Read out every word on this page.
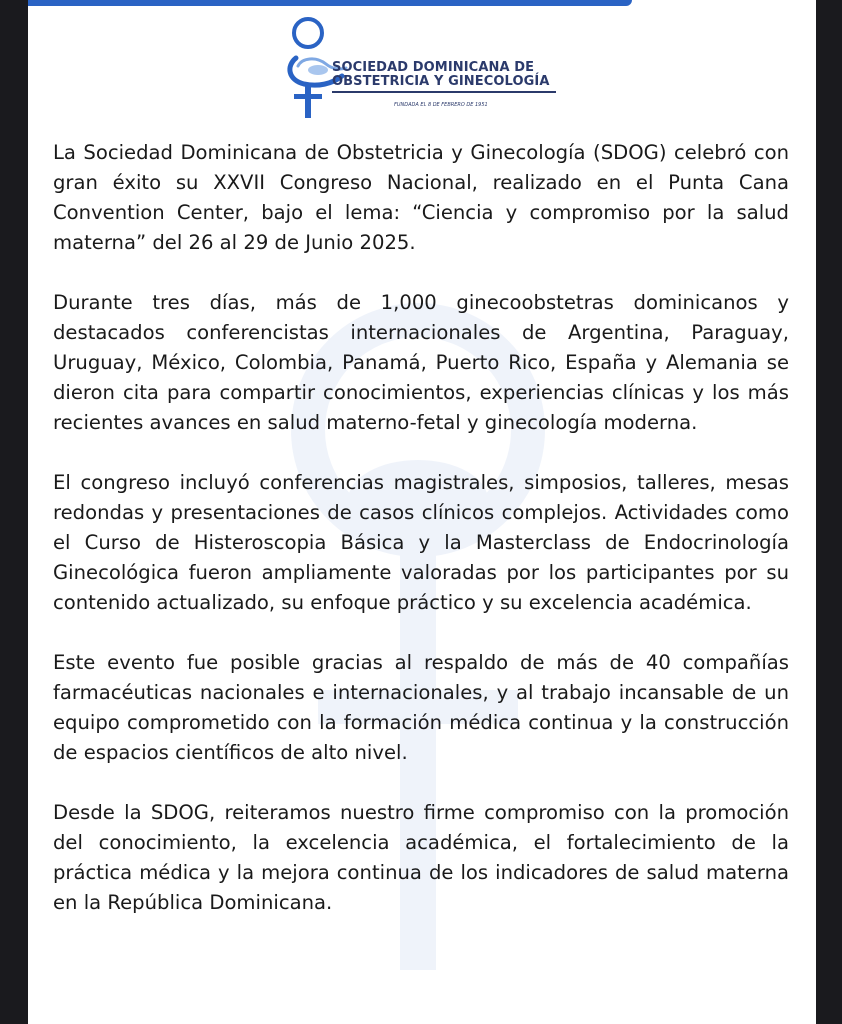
SOCIEDAD DOMINICANA DE
OBSTETRICIA Y GINECOLOGÍA
FUNDADA EL 8 DE FEBRERO DE 1951

La Sociedad Dominicana de Obstetricia y Ginecología (SDOG) celebró con gran éxito su XXVII Congreso Nacional, realizado en el Punta Cana Convention Center, bajo el lema: “Ciencia y compromiso por la salud materna” del 26 al 29 de Junio 2025.

Durante tres días, más de 1,000 ginecoobstetras dominicanos y destacados conferencistas internacionales de Argentina, Paraguay, Uruguay, México, Colombia, Panamá, Puerto Rico, España y Alemania se dieron cita para compartir conocimientos, experiencias clínicas y los más recientes avances en salud materno-fetal y ginecología moderna.

El congreso incluyó conferencias magistrales, simposios, talleres, mesas redondas y presentaciones de casos clínicos complejos. Actividades como el Curso de Histeroscopia Básica y la Masterclass de Endocrinología Ginecológica fueron ampliamente valoradas por los participantes por su contenido actualizado, su enfoque práctico y su excelencia académica.

Este evento fue posible gracias al respaldo de más de 40 compañías farmacéuticas nacionales e internacionales, y al trabajo incansable de un equipo comprometido con la formación médica continua y la construcción de espacios científicos de alto nivel.

Desde la SDOG, reiteramos nuestro firme compromiso con la promoción del conocimiento, la excelencia académica, el fortalecimiento de la práctica médica y la mejora continua de los indicadores de salud materna en la República Dominicana.
